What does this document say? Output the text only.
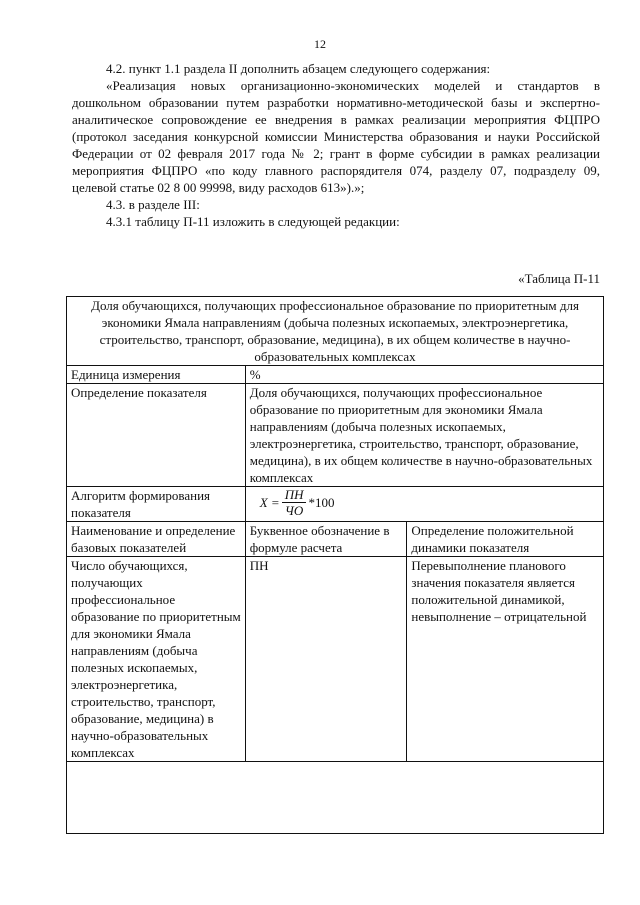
12

4.2. пункт 1.1 раздела II дополнить абзацем следующего содержания:

«Реализация новых организационно-экономических моделей и стандартов в дошкольном образовании путем разработки нормативно-методической базы и экспертно-аналитическое сопровождение ее внедрения в рамках реализации мероприятия ФЦПРО (протокол заседания конкурсной комиссии Министерства образования и науки Российской Федерации от 02 февраля 2017 года № 2; грант в форме субсидии в рамках реализации мероприятия ФЦПРО «по коду главного распорядителя 074, разделу 07, подразделу 09, целевой статье 02 8 00 99998, виду расходов 613»).»;

4.3. в разделе III:

4.3.1 таблицу П-11 изложить в следующей редакции:

«Таблица П-11
Доля обучающихся, получающих профессиональное образование по приоритетным для экономики Ямала направлениям (добыча полезных ископаемых, электроэнергетика, строительство, транспорт, образование, медицина), в их общем количестве в научно-образовательных комплексах		
Единица измерения	%	
Определение показателя	Доля обучающихся, получающих профессиональное образование по приоритетным для экономики Ямала направлениям (добыча полезных ископаемых, электроэнергетика, строительство, транспорт, образование, медицина), в их общем количестве в научно-образовательных комплексах	
Алгоритм формирования показателя	$X = \frac{ПН}{ЧО} *100$	

Наименование и определение базовых показателей	Буквенное обозначение в формуле расчета	Определение положительной динамики показателя
Число обучающихся, получающих профессиональное образование по приоритетным для экономики Ямала направлениям (добыча полезных ископаемых, электроэнергетика, строительство, транспорт, образование, медицина) в научно-образовательных комплексах	ПН	Перевыполнение планового значения показателя является положительной динамикой, невыполнение – отрицательной
